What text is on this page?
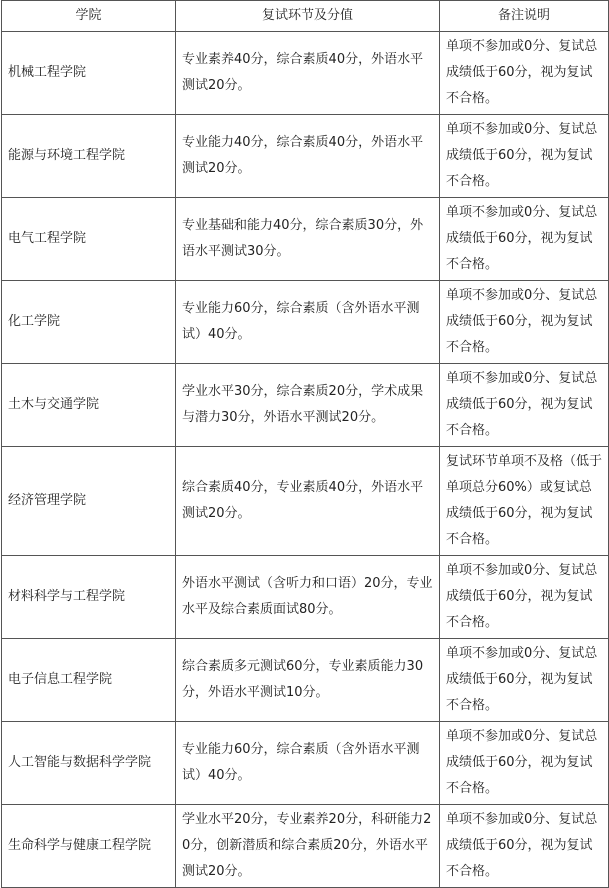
学院	复试环节及分值	备注说明
机械工程学院	专业素养40分，综合素质40分，外语水平测试20分。	单项不参加或0分、复试总成绩低于60分，视为复试不合格。
能源与环境工程学院	专业能力40分，综合素质40分，外语水平测试20分。	单项不参加或0分、复试总成绩低于60分，视为复试不合格。
电气工程学院	专业基础和能力40分，综合素质30分，外语水平测试30分。	单项不参加或0分、复试总成绩低于60分，视为复试不合格。
化工学院	专业能力60分，综合素质（含外语水平测试）40分。	单项不参加或0分、复试总成绩低于60分，视为复试不合格。
土木与交通学院	学业水平30分，综合素质20分，学术成果与潜力30分，外语水平测试20分。	单项不参加或0分、复试总成绩低于60分，视为复试不合格。
经济管理学院	综合素质40分，专业素质40分，外语水平测试20分。	复试环节单项不及格（低于单项总分60%）或复试总成绩低于60分，视为复试不合格。
材料科学与工程学院	外语水平测试（含听力和口语）20分，专业水平及综合素质面试80分。	单项不参加或0分、复试总成绩低于60分，视为复试不合格。
电子信息工程学院	综合素质多元测试60分，专业素质能力30分，外语水平测试10分。	单项不参加或0分、复试总成绩低于60分，视为复试不合格。
人工智能与数据科学学院	专业能力60分，综合素质（含外语水平测试）40分。	单项不参加或0分、复试总成绩低于60分，视为复试不合格。
生命科学与健康工程学院	学业水平20分，专业素养20分，科研能力20分，创新潜质和综合素质20分，外语水平测试20分。	单项不参加或0分、复试总成绩低于60分，视为复试不合格。
